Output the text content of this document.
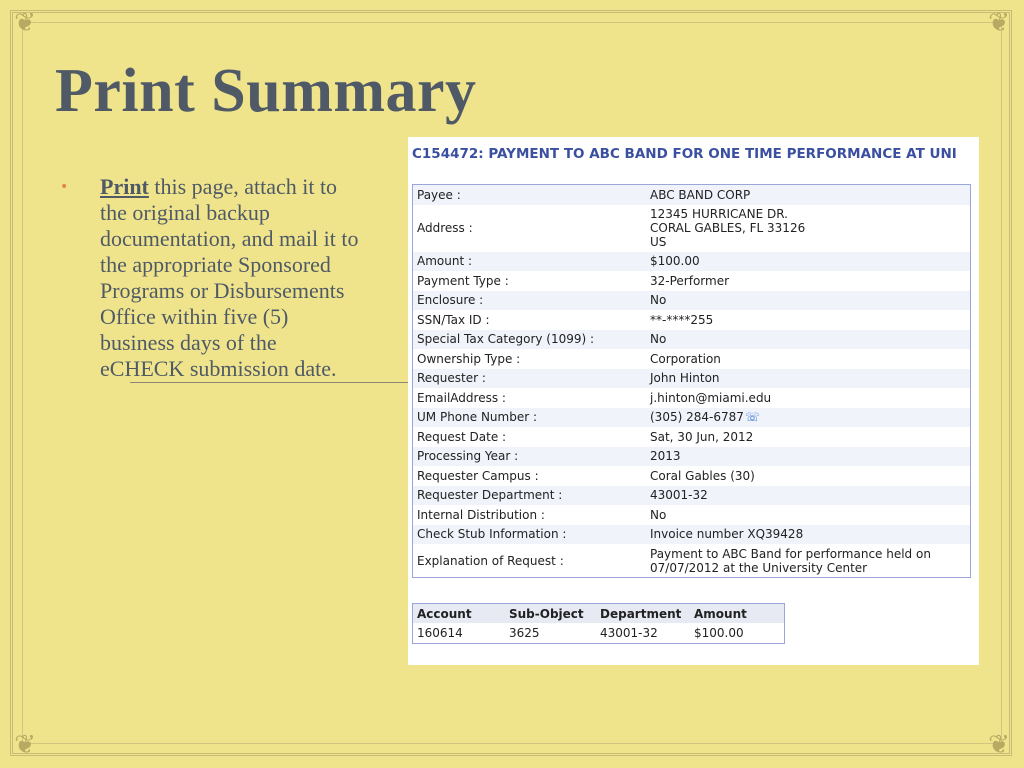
❦	❦
❦	❦
Print Summary
• Print this page, attach it to the original backup documentation, and mail it to the appropriate Sponsored Programs or Disbursements Office within five (5) business days of the eCHECK submission date.
C154472: PAYMENT TO ABC BAND FOR ONE TIME PERFORMANCE AT UNI
Payee :	ABC BAND CORP
Address :	12345 HURRICANE DR.
CORAL GABLES, FL 33126
US

Amount :	$100.00
Payment Type :	32-Performer
Enclosure :	No
SSN/Tax ID :	**-****255
Special Tax Category (1099) :	No
Ownership Type :	Corporation
Requester :	John Hinton
EmailAddress :	j.hinton@miami.edu
UM Phone Number :	(305) 284-6787☏
Request Date :	Sat, 30 Jun, 2012
Processing Year :	2013
Requester Campus :	Coral Gables (30)
Requester Department :	43001-32
Internal Distribution :	No
Check Stub Information :	Invoice number XQ39428
Explanation of Request :	Payment to ABC Band for performance held on
07/07/2012 at the University Center
Account	Sub-Object	Department	Amount
160614	3625	43001-32	$100.00
